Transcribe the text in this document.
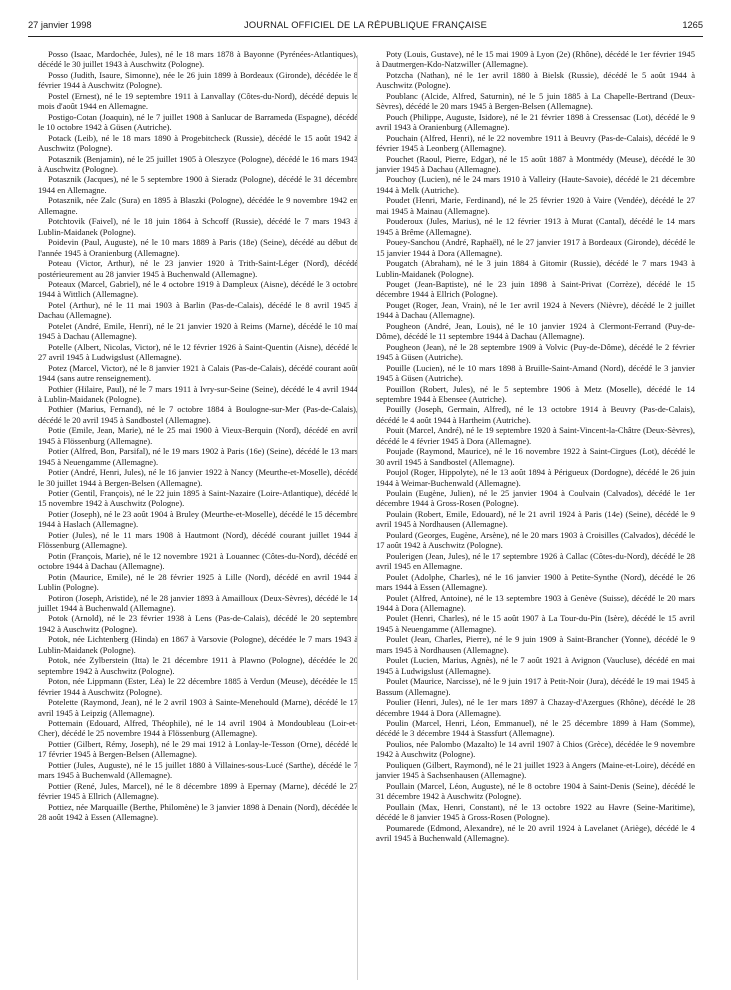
27 janvier 1998	JOURNAL OFFICIEL DE LA RÉPUBLIQUE FRANÇAISE	1265

Posso (Isaac, Mardochée, Jules), né le 18 mars 1878 à Bayonne (Pyrénées-Atlantiques), décédé le 30 juillet 1943 à Auschwitz (Pologne).

Posso (Judith, Isaure, Simonne), née le 26 juin 1899 à Bordeaux (Gironde), décédée le 8 février 1944 à Auschwitz (Pologne).

Postel (Ernest), né le 19 septembre 1911 à Lanvallay (Côtes-du-Nord), décédé depuis le mois d'août 1944 en Allemagne.

Postigo-Cotan (Joaquin), né le 7 juillet 1908 à Sanlucar de Barrameda (Espagne), décédé le 10 octobre 1942 à Güsen (Autriche).

Potack (Leib), né le 18 mars 1890 à Progebitcheck (Russie), décédé le 15 août 1942 à Auschwitz (Pologne).

Potasznik (Benjamin), né le 25 juillet 1905 à Oleszyce (Pologne), décédé le 16 mars 1943 à Auschwitz (Pologne).

Potasznik (Jacques), né le 5 septembre 1900 à Sieradz (Pologne), décédé le 31 décembre 1944 en Allemagne.

Potasznik, née Zalc (Sura) en 1895 à Blaszki (Pologne), décédée le 9 novembre 1942 en Allemagne.

Potchtovik (Faivel), né le 18 juin 1864 à Schcoff (Russie), décédé le 7 mars 1943 à Lublin-Maidanek (Pologne).

Poidevin (Paul, Auguste), né le 10 mars 1889 à Paris (18e) (Seine), décédé au début de l'année 1945 à Oranienburg (Allemagne).

Poteau (Victor, Arthur), né le 23 janvier 1920 à Trith-Saint-Léger (Nord), décédé postérieurement au 28 janvier 1945 à Buchenwald (Allemagne).

Poteaux (Marcel, Gabriel), né le 4 octobre 1919 à Dampleux (Aisne), décédé le 3 octobre 1944 à Wittlich (Allemagne).

Potel (Arthur), né le 11 mai 1903 à Barlin (Pas-de-Calais), décédé le 8 avril 1945 à Dachau (Allemagne).

Potelet (André, Emile, Henri), né le 21 janvier 1920 à Reims (Marne), décédé le 10 mai 1945 à Dachau (Allemagne).

Potelle (Albert, Nicolas, Victor), né le 12 février 1926 à Saint-Quentin (Aisne), décédé le 27 avril 1945 à Ludwigslust (Allemagne).

Potez (Marcel, Victor), né le 8 janvier 1921 à Calais (Pas-de-Calais), décédé courant août 1944 (sans autre renseignement).

Pothier (Hilaire, Paul), né le 7 mars 1911 à Ivry-sur-Seine (Seine), décédé le 4 avril 1944 à Lublin-Maidanek (Pologne).

Pothier (Marius, Fernand), né le 7 octobre 1884 à Boulogne-sur-Mer (Pas-de-Calais), décédé le 20 avril 1945 à Sandbostel (Allemagne).

Potie (Emile, Jean, Marie), né le 25 mai 1900 à Vieux-Berquin (Nord), décédé en avril 1945 à Flössenburg (Allemagne).

Potier (Alfred, Bon, Parsifal), né le 19 mars 1902 à Paris (16e) (Seine), décédé le 13 mars 1945 à Neuengamme (Allemagne).

Potier (André, Henri, Jules), né le 16 janvier 1922 à Nancy (Meurthe-et-Moselle), décédé le 30 juillet 1944 à Bergen-Belsen (Allemagne).

Potier (Gentil, François), né le 22 juin 1895 à Saint-Nazaire (Loire-Atlantique), décédé le 15 novembre 1942 à Auschwitz (Pologne).

Potier (Joseph), né le 23 août 1904 à Bruley (Meurthe-et-Moselle), décédé le 15 décembre 1944 à Haslach (Allemagne).

Potier (Jules), né le 11 mars 1908 à Hautmont (Nord), décédé courant juillet 1944 à Flössenburg (Allemagne).

Potin (François, Marie), né le 12 novembre 1921 à Louannec (Côtes-du-Nord), décédé en octobre 1944 à Dachau (Allemagne).

Potin (Maurice, Emile), né le 28 février 1925 à Lille (Nord), décédé en avril 1944 à Lublin (Pologne).

Potiron (Joseph, Aristide), né le 28 janvier 1893 à Amailloux (Deux-Sèvres), décédé le 14 juillet 1944 à Buchenwald (Allemagne).

Potok (Arnold), né le 23 février 1938 à Lens (Pas-de-Calais), décédé le 20 septembre 1942 à Auschwitz (Pologne).

Potok, née Lichtenberg (Hinda) en 1867 à Varsovie (Pologne), décédée le 7 mars 1943 à Lublin-Maidanek (Pologne).

Potok, née Zylberstein (Itta) le 21 décembre 1911 à Plawno (Pologne), décédée le 20 septembre 1942 à Auschwitz (Pologne).

Poton, née Lippmann (Ester, Léa) le 22 décembre 1885 à Verdun (Meuse), décédée le 15 février 1944 à Auschwitz (Pologne).

Potelette (Raymond, Jean), né le 2 avril 1903 à Sainte-Menehould (Marne), décédé le 17 avril 1945 à Leipzig (Allemagne).

Pottemain (Edouard, Alfred, Théophile), né le 14 avril 1904 à Mondoubleau (Loir-et-Cher), décédé le 25 novembre 1944 à Flössenburg (Allemagne).

Pottier (Gilbert, Rémy, Joseph), né le 29 mai 1912 à Lonlay-le-Tesson (Orne), décédé le 17 février 1945 à Bergen-Belsen (Allemagne).

Pottier (Jules, Auguste), né le 15 juillet 1880 à Villaines-sous-Lucé (Sarthe), décédé le 7 mars 1945 à Buchenwald (Allemagne).

Pottier (René, Jules, Marcel), né le 8 décembre 1899 à Epernay (Marne), décédé le 27 février 1945 à Ellrich (Allemagne).

Pottiez, née Marquaille (Berthe, Philomène) le 3 janvier 1898 à Denain (Nord), décédée le 28 août 1942 à Essen (Allemagne).

Poty (Louis, Gustave), né le 15 mai 1909 à Lyon (2e) (Rhône), décédé le 1er février 1945 à Dautmergen-Kdo-Natzwiller (Allemagne).

Potzcha (Nathan), né le 1er avril 1880 à Bielsk (Russie), décédé le 5 août 1944 à Auschwitz (Pologne).

Poublanc (Alcide, Alfred, Saturnin), né le 5 juin 1885 à La Chapelle-Bertrand (Deux-Sèvres), décédé le 20 mars 1945 à Bergen-Belsen (Allemagne).

Pouch (Philippe, Auguste, Isidore), né le 21 février 1898 à Cressensac (Lot), décédé le 9 avril 1943 à Oranienburg (Allemagne).

Pouchain (Alfred, Henri), né le 22 novembre 1911 à Beuvry (Pas-de-Calais), décédé le 9 février 1945 à Leonberg (Allemagne).

Pouchet (Raoul, Pierre, Edgar), né le 15 août 1887 à Montmédy (Meuse), décédé le 30 janvier 1945 à Dachau (Allemagne).

Pouchoy (Lucien), né le 24 mars 1910 à Valleiry (Haute-Savoie), décédé le 21 décembre 1944 à Melk (Autriche).

Poudet (Henri, Marie, Ferdinand), né le 25 février 1920 à Vaire (Vendée), décédé le 27 mai 1945 à Mainau (Allemagne).

Pouderoux (Jules, Marius), né le 12 février 1913 à Murat (Cantal), décédé le 14 mars 1945 à Brême (Allemagne).

Pouey-Sanchou (André, Raphaël), né le 27 janvier 1917 à Bordeaux (Gironde), décédé le 15 janvier 1944 à Dora (Allemagne).

Pougatch (Abraham), né le 3 juin 1884 à Gitomir (Russie), décédé le 7 mars 1943 à Lublin-Maidanek (Pologne).

Pouget (Jean-Baptiste), né le 23 juin 1898 à Saint-Privat (Corrèze), décédé le 15 décembre 1944 à Ellrich (Pologne).

Pouget (Roger, Jean, Vrain), né le 1er avril 1924 à Nevers (Nièvre), décédé le 2 juillet 1944 à Dachau (Allemagne).

Pougheon (André, Jean, Louis), né le 10 janvier 1924 à Clermont-Ferrand (Puy-de-Dôme), décédé le 11 septembre 1944 à Dachau (Allemagne).

Pougheon (Jean), né le 28 septembre 1909 à Volvic (Puy-de-Dôme), décédé le 2 février 1945 à Güsen (Autriche).

Pouille (Lucien), né le 10 mars 1898 à Bruille-Saint-Amand (Nord), décédé le 3 janvier 1945 à Güsen (Autriche).

Pouillon (Robert, Jules), né le 5 septembre 1906 à Metz (Moselle), décédé le 14 septembre 1944 à Ebensee (Autriche).

Pouilly (Joseph, Germain, Alfred), né le 13 octobre 1914 à Beuvry (Pas-de-Calais), décédé le 4 août 1944 à Hartheim (Autriche).

Pouit (Marcel, André), né le 19 septembre 1920 à Saint-Vincent-la-Châtre (Deux-Sèvres), décédé le 4 février 1945 à Dora (Allemagne).

Poujade (Raymond, Maurice), né le 16 novembre 1922 à Saint-Cirgues (Lot), décédé le 30 avril 1945 à Sandbostel (Allemagne).

Poujol (Roger, Hippolyte), né le 13 août 1894 à Périgueux (Dordogne), décédé le 26 juin 1944 à Weimar-Buchenwald (Allemagne).

Poulain (Eugène, Julien), né le 25 janvier 1904 à Coulvain (Calvados), décédé le 1er décembre 1944 à Gross-Rosen (Pologne).

Poulain (Robert, Emile, Edouard), né le 21 avril 1924 à Paris (14e) (Seine), décédé le 9 avril 1945 à Nordhausen (Allemagne).

Poulard (Georges, Eugène, Arsène), né le 20 mars 1903 à Croisilles (Calvados), décédé le 17 août 1942 à Auschwitz (Pologne).

Poulerigen (Jean, Jules), né le 17 septembre 1926 à Callac (Côtes-du-Nord), décédé le 28 avril 1945 en Allemagne.

Poulet (Adolphe, Charles), né le 16 janvier 1900 à Petite-Synthe (Nord), décédé le 26 mars 1944 à Essen (Allemagne).

Poulet (Alfred, Antoine), né le 13 septembre 1903 à Genève (Suisse), décédé le 20 mars 1944 à Dora (Allemagne).

Poulet (Henri, Charles), né le 15 août 1907 à La Tour-du-Pin (Isère), décédé le 15 avril 1945 à Neuengamme (Allemagne).

Poulet (Jean, Charles, Pierre), né le 9 juin 1909 à Saint-Brancher (Yonne), décédé le 9 mars 1945 à Nordhausen (Allemagne).

Poulet (Lucien, Marius, Agnès), né le 7 août 1921 à Avignon (Vaucluse), décédé en mai 1945 à Ludwigslust (Allemagne).

Poulet (Maurice, Narcisse), né le 9 juin 1917 à Petit-Noir (Jura), décédé le 19 mai 1945 à Bassum (Allemagne).

Poulier (Henri, Jules), né le 1er mars 1897 à Chazay-d'Azergues (Rhône), décédé le 28 décembre 1944 à Dora (Allemagne).

Poulin (Marcel, Henri, Léon, Emmanuel), né le 25 décembre 1899 à Ham (Somme), décédé le 3 décembre 1944 à Stassfurt (Allemagne).

Poulios, née Palombo (Mazalto) le 14 avril 1907 à Chios (Grèce), décédée le 9 novembre 1942 à Auschwitz (Pologne).

Pouliquen (Gilbert, Raymond), né le 21 juillet 1923 à Angers (Maine-et-Loire), décédé en janvier 1945 à Sachsenhausen (Allemagne).

Poullain (Marcel, Léon, Auguste), né le 8 octobre 1904 à Saint-Denis (Seine), décédé le 31 décembre 1942 à Auschwitz (Pologne).

Poullain (Max, Henri, Constant), né le 13 octobre 1922 au Havre (Seine-Maritime), décédé le 8 janvier 1945 à Gross-Rosen (Pologne).

Poumarede (Edmond, Alexandre), né le 20 avril 1924 à Lavelanet (Ariège), décédé le 4 avril 1945 à Buchenwald (Allemagne).
